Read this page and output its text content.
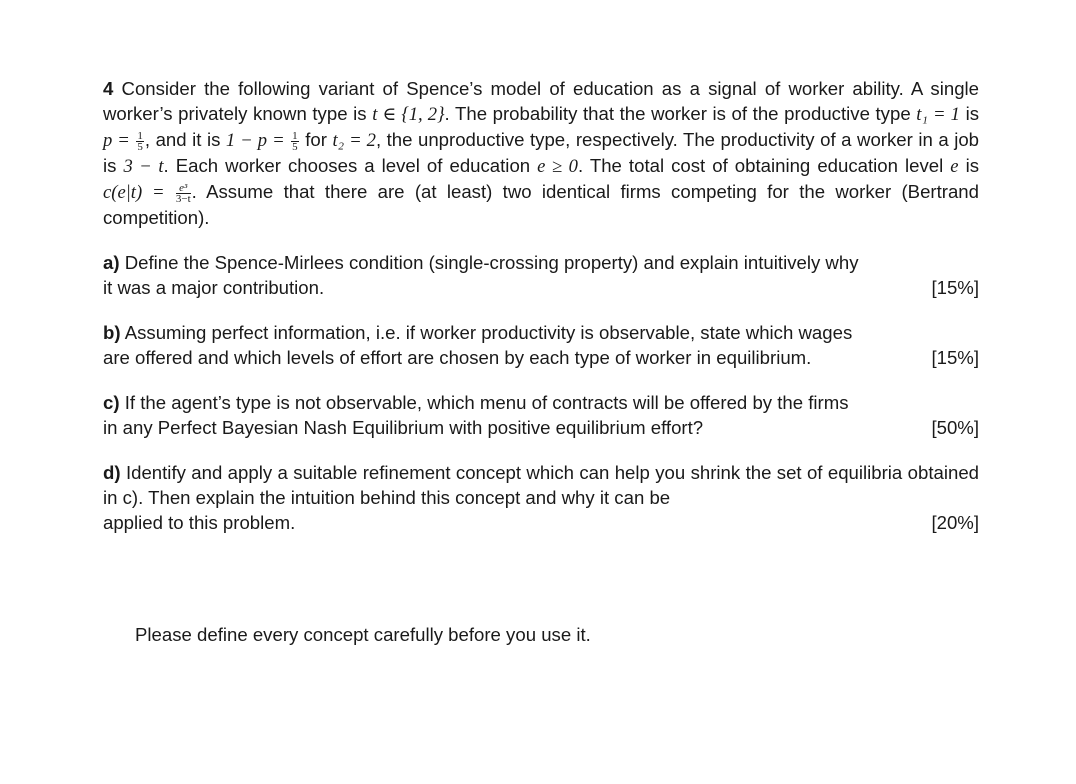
4 Consider the following variant of Spence’s model of education as a signal of worker ability. A single worker’s privately known type is t ∈ {1, 2}. The probability that the worker is of the productive type t₁ = 1 is $p = \frac{1}{5}$ , and it is $1 - p = \frac{1}{5}$ for t₂ = 2, the unproductive type, respectively. The productivity of a worker in a job is 3 − t. Each worker chooses a level of education e ≥ 0. The total cost of obtaining education level e is $c(e|t) = \frac{\text{e³}}{3-t}$ . Assume that there are (at least) two identical firms competing for the worker (Bertrand competition).

a) Define the Spence-Mirlees condition (single-crossing property) and explain intuitively why

it was a major contribution.	[15%]

b) Assuming perfect information, i.e. if worker productivity is observable, state which wages

are offered and which levels of effort are chosen by each type of worker in equilibrium.	[15%]

c) If the agent’s type is not observable, which menu of contracts will be offered by the firms

in any Perfect Bayesian Nash Equilibrium with positive equilibrium effort?	[50%]

d) Identify and apply a suitable refinement concept which can help you shrink the set of equilibria obtained in c). Then explain the intuition behind this concept and why it can be

applied to this problem.	[20%]

Please define every concept carefully before you use it.
